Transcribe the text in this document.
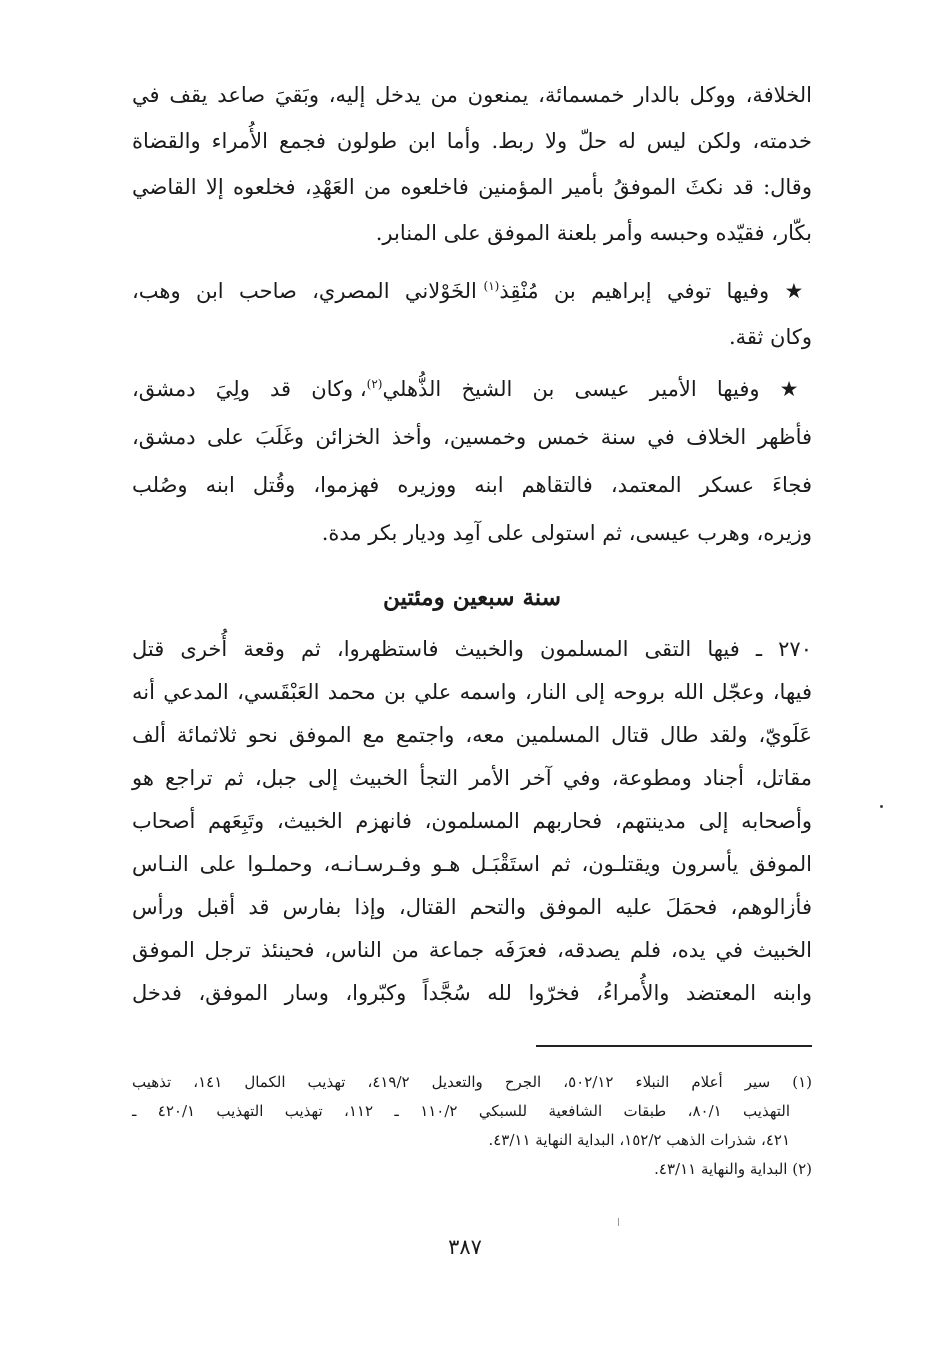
الخلافة، ووكل بالدار خمسمائة، يمنعون من يدخل إليه، وبَقيَ صاعد يقف في
خدمته، ولكن ليس له حلّ ولا ربط. وأما ابن طولون فجمع الأُمراء والقضاة
وقال: قد نكثَ الموفقُ بأمير المؤمنين فاخلعوه من العَهْدِ، فخلعوه إلا القاضي
بكّار، فقيّده وحبسه وأمر بلعنة الموفق على المنابر.
★ وفيها توفي إبراهيم بن مُنْقِذ$^{(١)}$ الخَوْلاني المصري، صاحب ابن وهب،
وكان ثقة.
★ وفيها الأمير عيسى بن الشيخ الذُّهلي$^{(٢)}$، وكان قد ولِيَ دمشق،
فأظهر الخلاف في سنة خمس وخمسين، وأخذ الخزائن وغَلَبَ على دمشق،
فجاءَ عسكر المعتمد، فالتقاهم ابنه ووزيره فهزموا، وقُتل ابنه وصُلب
وزيره، وهرب عيسى، ثم استولى على آمِد وديار بكر مدة.
سنة سبعين ومئتين
٢٧٠ ـ فيها التقى المسلمون والخبيث فاستظهروا، ثم وقعة أُخرى قتل
فيها، وعجّل الله بروحه إلى النار، واسمه علي بن محمد العَبْقَسي، المدعي أنه
عَلَويّ، ولقد طال قتال المسلمين معه، واجتمع مع الموفق نحو ثلاثمائة ألف
مقاتل، أجناد ومطوعة، وفي آخر الأمر التجأ الخبيث إلى جبل، ثم تراجع هو
وأصحابه إلى مدينتهم، فحاربهم المسلمون، فانهزم الخبيث، وتَبِعَهم أصحاب
الموفق يأسرون ويقتلـون، ثم استَقْبَـل هـو وفـرسـانـه، وحملـوا على النـاس
فأزالوهم، فحمَلَ عليه الموفق والتحم القتال، وإذا بفارس قد أقبل ورأس
الخبيث في يده، فلم يصدقه، فعرَفَه جماعة من الناس، فحينئذ ترجل الموفق
وابنه المعتضد والأُمراءُ، فخرّوا لله سُجَّداً وكبّروا، وسار الموفق، فدخل
(١) سير أعلام النبلاء ٥٠٢/١٢، الجرح والتعديل ٤١٩/٢، تهذيب الكمال ١٤١، تذهيب
التهذيب ٨٠/١، طبقات الشافعية للسبكي ١١٠/٢ ـ ١١٢، تهذيب التهذيب ٤٢٠/١ ـ
٤٢١، شذرات الذهب ١٥٢/٢، البداية النهاية ٤٣/١١.
(٢) البداية والنهاية ٤٣/١١.
٣٨٧
